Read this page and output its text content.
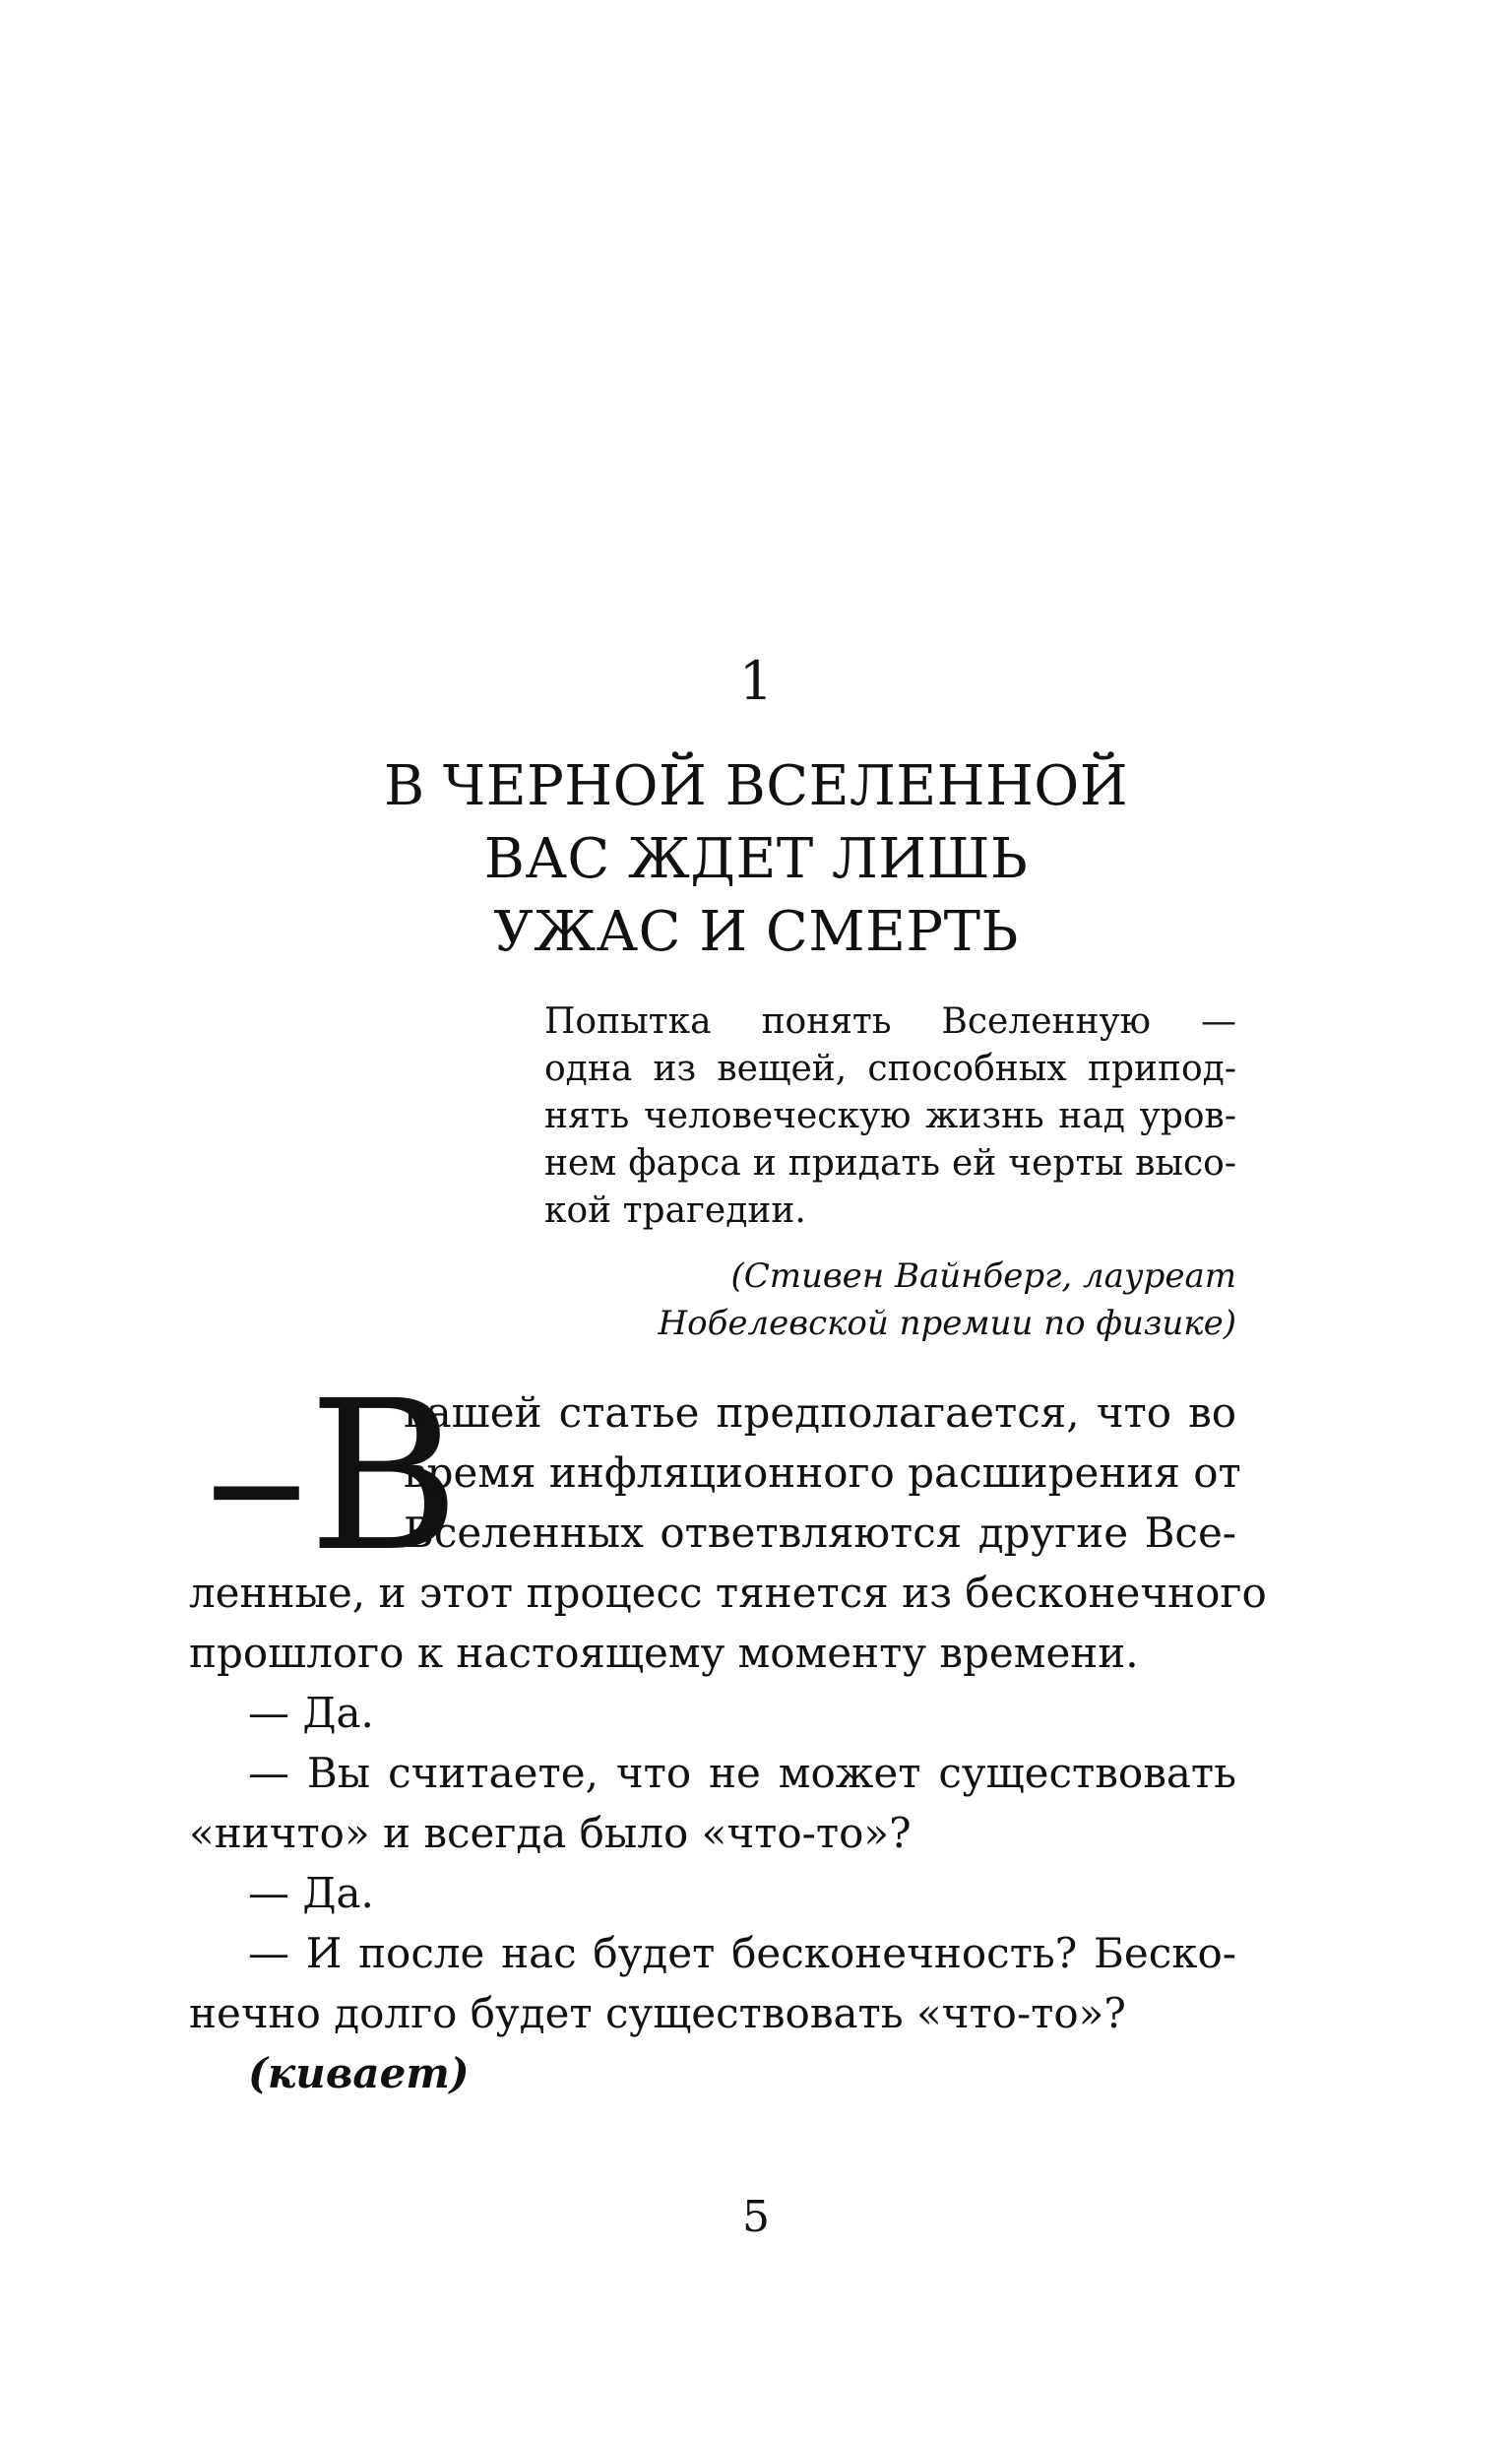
1
В ЧЕРНОЙ ВСЕЛЕННОЙ
ВАС ЖДЕТ ЛИШЬ
УЖАС И СМЕРТЬ
Попытка понять Вселенную —
одна из вещей, способных припод-
нять человеческую жизнь над уров-
нем фарса и придать ей черты высо-
кой трагедии.
(Стивен Вайнберг, лауреат
Нобелевской премии по физике)
–В
вашей статье предполагается, что во
время инфляционного расширения от
Вселенных ответвляются другие Все-
ленные, и этот процесс тянется из бесконечного
прошлого к настоящему моменту времени.
— Да.
— Вы считаете, что не может существовать
«ничто» и всегда было «что-то»?
— Да.
— И после нас будет бесконечность? Беско-
нечно долго будет существовать «что-то»?
(кивает)
5
